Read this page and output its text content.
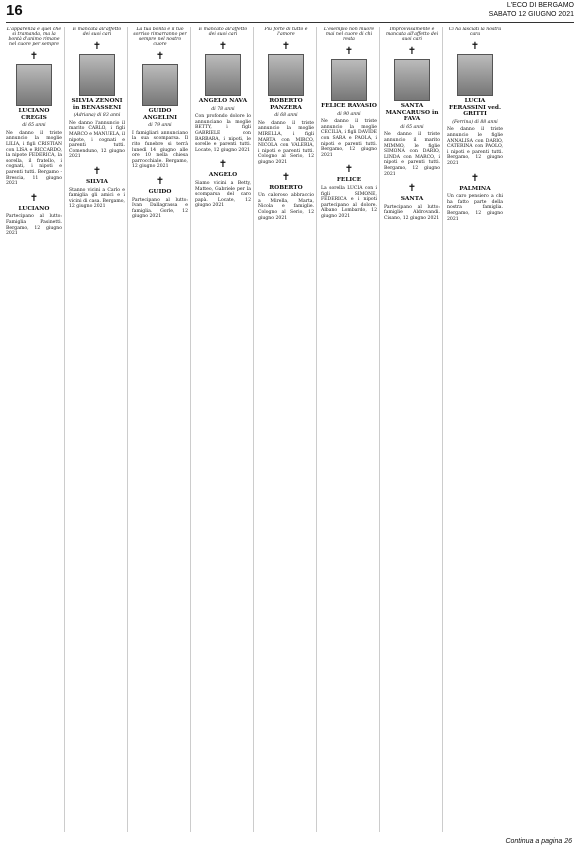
16	L'ECO DI BERGAMO
SABATO 12 GIUGNO 2021
L'apparenza è quel che si tramanda, ma la bontà d'animo rimane nel cuore per sempre
✝
LUCIANO CREGIS
di 65 anni
Ne danno il triste annuncio la moglie LILIA, i figli CRISTIAN con LISA e RICCARDO, la nipote FEDERICA, la sorella, il fratello, i cognati, i nipoti e parenti tutti. Bergamo - Brescia, 11 giugno 2021
✝
LUCIANO
Partecipano al lutto: Famiglia Pasinetti. Bergamo, 12 giugno 2021
È mancata all'affetto dei suoi cari
✝
SILVIA ZENONI in BENASSENI
(Adriana) di 83 anni
Ne danno l'annuncio il marito CARLO, i figli MARCO e MANUELA, il nipote, i cognati e parenti tutti. Comenduno, 12 giugno 2021
✝
SILVIA
Stanno vicini a Carlo e famiglia gli amici e i vicini di casa. Bergamo, 12 giugno 2021
La tua bontà e il tuo sorriso rimarranno per sempre nel nostro cuore
✝
GUIDO ANGELINI
di 79 anni
I famigliari annunciano la sua scomparsa. Il rito funebre si terrà lunedì 14 giugno alle ore 10 nella chiesa parrocchiale. Bergamo, 12 giugno 2021
✝
GUIDO
Partecipano al lutto: Ivan Dallagrassa e famiglia. Gorle, 12 giugno 2021
È mancato all'affetto dei suoi cari
✝
ANGELO NAVA
di 78 anni
Con profondo dolore lo annunciano la moglie BETTY, i figli GABRIELE con BARBARA, i nipoti, le sorelle e parenti tutti. Locate, 12 giugno 2021
✝
ANGELO
Siamo vicini a Betty, Matteo, Gabriele per la scomparsa del caro papà. Locate, 12 giugno 2021
Più forte di tutto è l'amore
✝
ROBERTO PANZERA
di 68 anni
Ne danno il triste annuncio la moglie MIRELLA, i figli MARTA con MIRCO, NICOLA con VALERIA, i nipoti e parenti tutti. Cologno al Serio, 12 giugno 2021
✝
ROBERTO
Un caloroso abbraccio a Mirella, Marta, Nicola e famiglie. Cologno al Serio, 12 giugno 2021
L'esempio non muore mai nel cuore di chi resta
✝
FELICE RAVASIO
di 90 anni
Ne danno il triste annuncio la moglie CECILIA, i figli DAVIDE con SARA e PAOLA, i nipoti e parenti tutti. Bergamo, 12 giugno 2021
✝
FELICE
La sorella LUCIA con i figli SIMONE, FEDERICA e i nipoti partecipano al dolore. Albano Lombardo, 12 giugno 2021
Improvvisamente è mancata all'affetto dei suoi cari
✝
SANTA MANCARUSO in FAVA
di 65 anni
Ne danno il triste annuncio il marito MIMMO, le figlie SIMONA con DARIO, LINDA con MARCO, i nipoti e parenti tutti. Bergamo, 12 giugno 2021
✝
SANTA
Partecipano al lutto: famiglie Aldrovandi. Cisano, 12 giugno 2021
Ci ha lasciati la nostra cara
✝
LUCIA FERASSINI ved. GRITTI
(Ferrina) di 88 anni
Ne danno il triste annuncio le figlie ANNALISA con DARIO, CATERINA con PAOLO, i nipoti e parenti tutti. Bergamo, 12 giugno 2021
✝
PALMINA
Un caro pensiero a chi ha fatto parte della nostra famiglia. Bergamo, 12 giugno 2021
Continua a pagina 26
